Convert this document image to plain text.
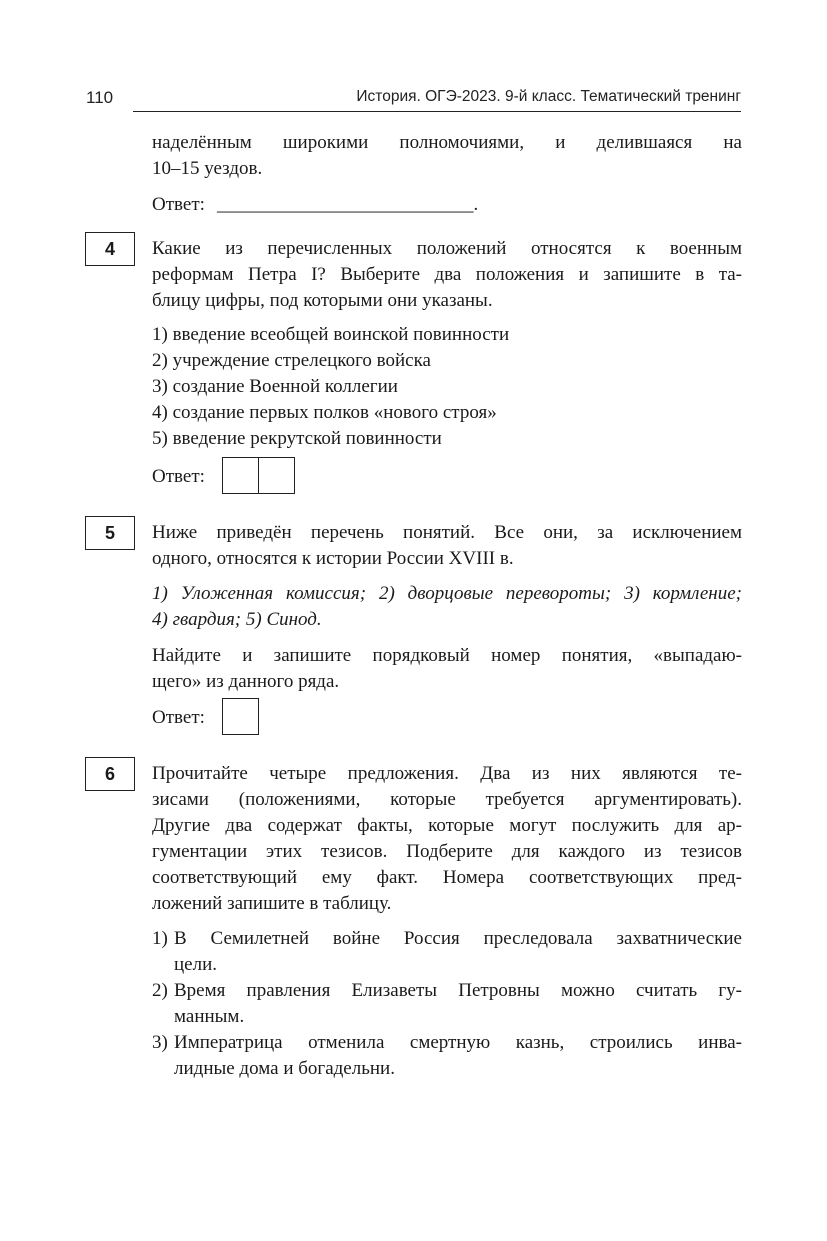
110	История. ОГЭ-2023. 9-й класс. Тематический тренинг
наделённым широкими полномочиями, и делившаяся на
10–15 уездов.
Ответ: ___________________________.
4	Какие из перечисленных положений относятся к военным
реформам Петра I? Выберите два положения и запишите в та-
блицу цифры, под которыми они указаны.
1) введение всеобщей воинской повинности
2) учреждение стрелецкого войска
3) создание Военной коллегии
4) создание первых полков «нового строя»
5) введение рекрутской повинности
Ответ:
5	Ниже приведён перечень понятий. Все они, за исключением
одного, относятся к истории России XVIII в.
1) Уложенная комиссия; 2) дворцовые перевороты; 3) кормление;
4) гвардия; 5) Синод.
Найдите и запишите порядковый номер понятия, «выпадаю-
щего» из данного ряда.
Ответ:
6	Прочитайте четыре предложения. Два из них являются те-
зисами (положениями, которые требуется аргументировать).
Другие два содержат факты, которые могут послужить для ар-
гументации этих тезисов. Подберите для каждого из тезисов
соответствующий ему факт. Номера соответствующих пред-
ложений запишите в таблицу.
1) В Семилетней войне Россия преследовала захватнические
цели.
2) Время правления Елизаветы Петровны можно считать гу-
манным.
3) Императрица отменила смертную казнь, строились инва-
лидные дома и богадельни.
